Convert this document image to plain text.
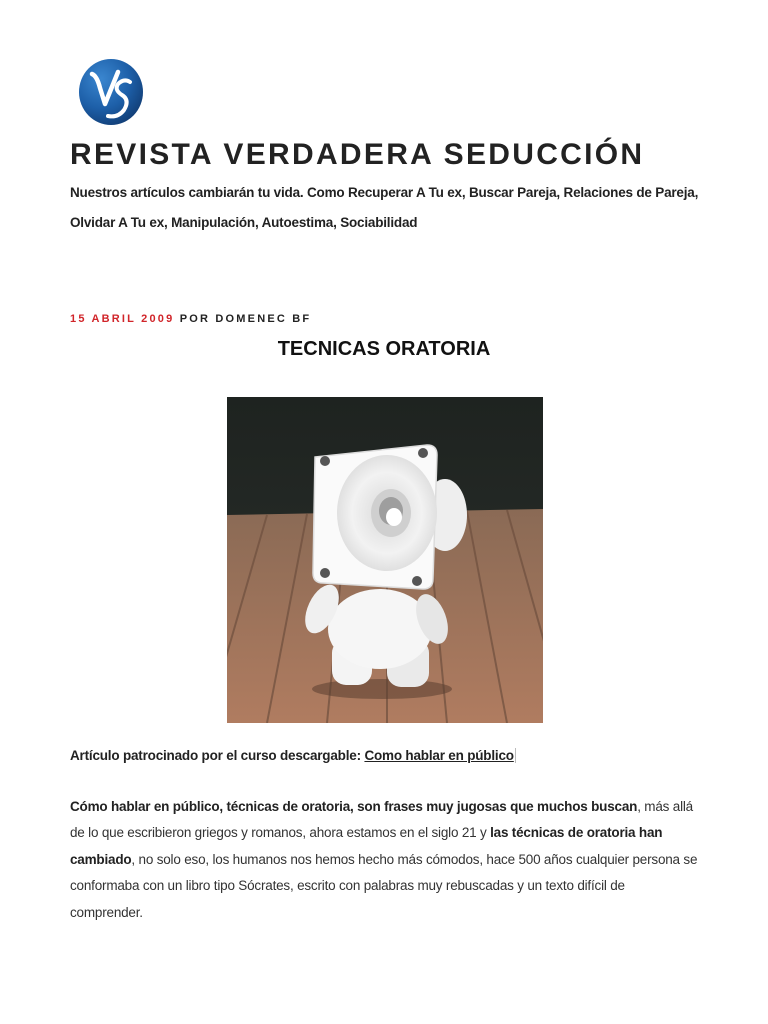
VS
REVISTA VERDADERA SEDUCCIÓN

Nuestros artículos cambiarán tu vida. Como Recuperar A Tu ex, Buscar Pareja, Relaciones de Pareja, Olvidar A Tu ex, Manipulación, Autoestima, Sociabilidad

15 ABRIL 2009 POR DOMENEC BF
TECNICAS ORATORIA
Artículo patrocinado por el curso descargable: Como hablar en público

Cómo hablar en público, técnicas de oratoria, son frases muy jugosas que muchos buscan, más allá de lo que escribieron griegos y romanos, ahora estamos en el siglo 21 y las técnicas de oratoria han cambiado, no solo eso, los humanos nos hemos hecho más cómodos, hace 500 años cualquier persona se conformaba con un libro tipo Sócrates, escrito con palabras muy rebuscadas y un texto difícil de comprender.
